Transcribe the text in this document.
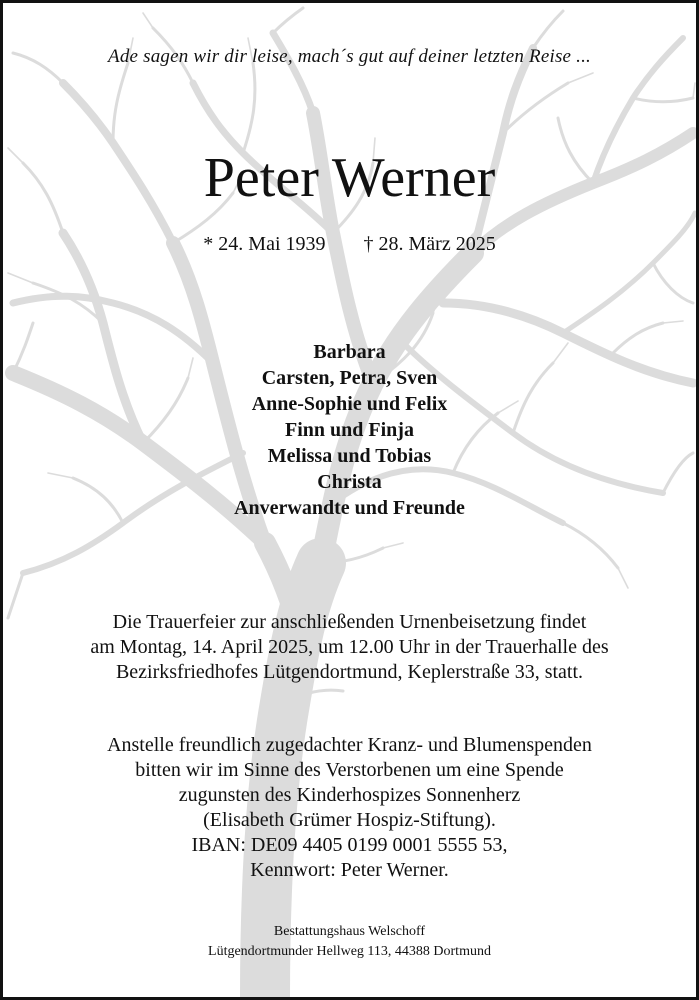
Ade sagen wir dir leise, mach´s gut auf deiner letzten Reise ...
Peter Werner
* 24. Mai 1939 † 28. März 2025
Barbara
Carsten, Petra, Sven
Anne-Sophie und Felix
Finn und Finja
Melissa und Tobias
Christa
Anverwandte und Freunde
Die Trauerfeier zur anschließenden Urnenbeisetzung findet
am Montag, 14. April 2025, um 12.00 Uhr in der Trauerhalle des
Bezirksfriedhofes Lütgendortmund, Keplerstraße 33, statt.
Anstelle freundlich zugedachter Kranz- und Blumenspenden
bitten wir im Sinne des Verstorbenen um eine Spende
zugunsten des Kinderhospizes Sonnenherz
(Elisabeth Grümer Hospiz-Stiftung).
IBAN: DE09 4405 0199 0001 5555 53,
Kennwort: Peter Werner.
Bestattungshaus Welschoff
Lütgendortmunder Hellweg 113, 44388 Dortmund
